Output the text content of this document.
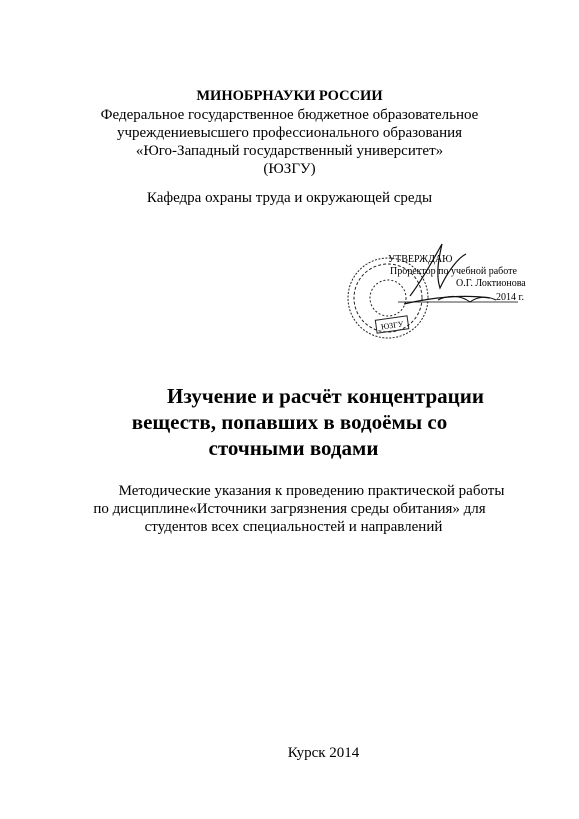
МИНОБРНАУКИ РОССИИ
Федеральное государственное бюджетное образовательное
учреждениевысшего профессионального образования
«Юго-Западный государственный университет»
(ЮЗГУ)
Кафедра охраны труда и окружающей среды
ЮЗГУ
УТВЕРЖДАЮ
Проректор по учебной работе
О.Г. Локтионова
2014 г.
Изучение и расчёт концентрации
веществ, попавших в водоёмы со
сточными водами
Методические указания к проведению практической работы
по дисциплине«Источники загрязнения среды обитания» для
студентов всех специальностей и направлений
Курск 2014
